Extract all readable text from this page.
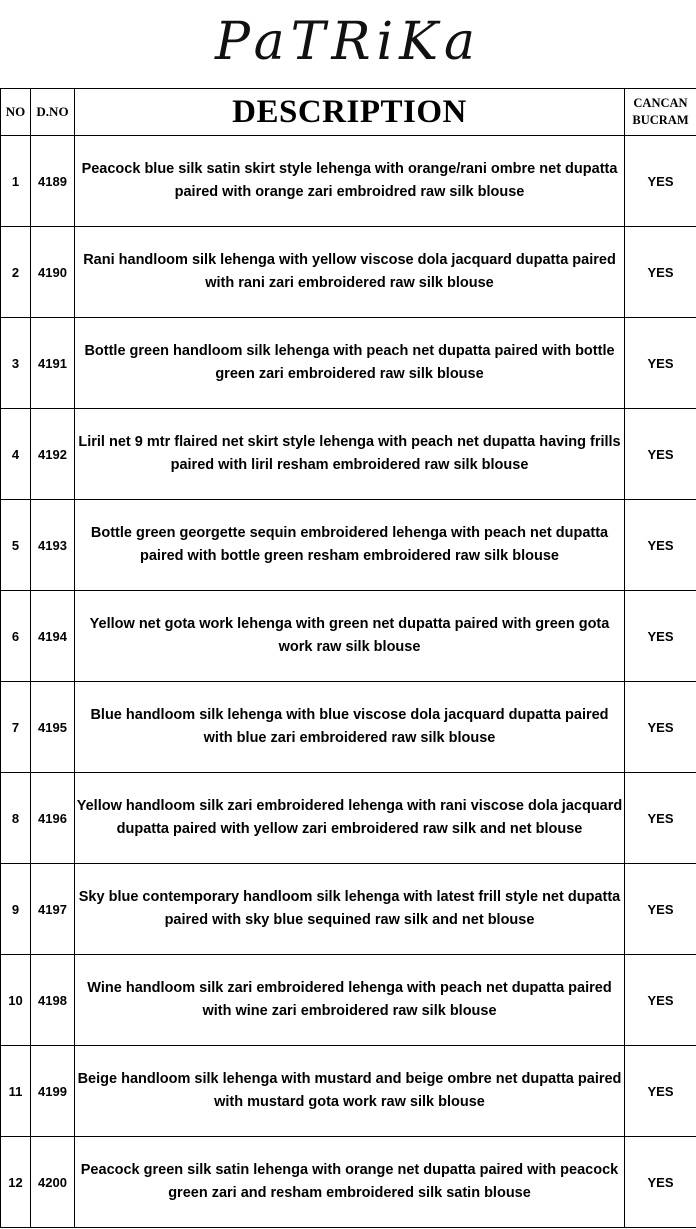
PaTRiKa
NO	D.NO	DESCRIPTION	CANCAN
BUCRAM

1	4189	Peacock blue silk satin skirt style lehenga with orange/rani ombre net dupatta paired with orange zari embroidred raw silk blouse	YES
2	4190	Rani handloom silk lehenga with yellow viscose dola jacquard dupatta paired with rani zari embroidered raw silk blouse	YES
3	4191	Bottle green handloom silk lehenga with peach net dupatta paired with bottle green zari embroidered raw silk blouse	YES
4	4192	Liril net 9 mtr flaired net skirt style lehenga with peach net dupatta having frills paired with liril resham embroidered raw silk blouse	YES
5	4193	Bottle green georgette sequin embroidered lehenga with peach net dupatta paired with bottle green resham embroidered raw silk blouse	YES
6	4194	Yellow net gota work lehenga with green net dupatta paired with green gota work raw silk blouse	YES
7	4195	Blue handloom silk lehenga with blue viscose dola jacquard dupatta paired with blue zari embroidered raw silk blouse	YES
8	4196	Yellow handloom silk zari embroidered lehenga with rani viscose dola jacquard dupatta paired with yellow zari embroidered raw silk and net blouse	YES
9	4197	Sky blue contemporary handloom silk lehenga with latest frill style net dupatta paired with sky blue sequined raw silk and net blouse	YES
10	4198	Wine handloom silk zari embroidered lehenga with peach net dupatta paired with wine zari embroidered raw silk blouse	YES
11	4199	Beige handloom silk lehenga with mustard and beige ombre net dupatta paired with mustard gota work raw silk blouse	YES
12	4200	Peacock green silk satin lehenga with orange net dupatta paired with peacock green zari and resham embroidered silk satin blouse	YES
